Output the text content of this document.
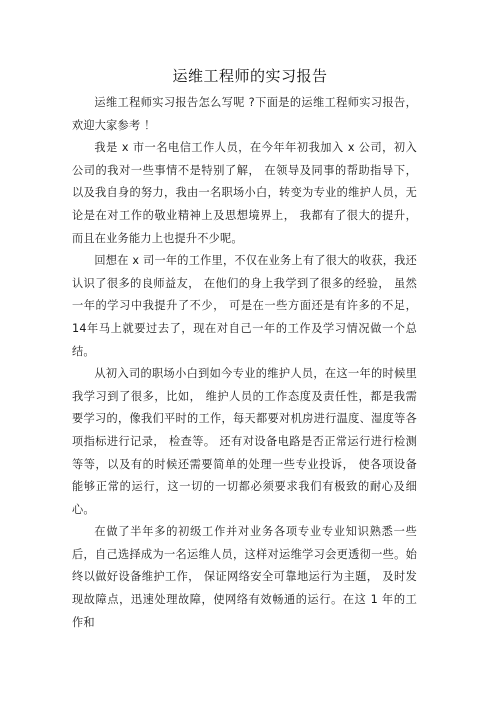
运维工程师的实习报告

运维工程师实习报告怎么写呢 ?下面是的运维工程师实习报告，欢迎大家参考 ！

我是 x 市一名电信工作人员，在今年年初我加入 x 公司，初入公司的我对一些事情不是特别了解， 在领导及同事的帮助指导下， 以及我自身的努力，我由一名职场小白，转变为专业的维护人员，无论是在对工作的敬业精神上及思想境界上， 我都有了很大的提升， 而且在业务能力上也提升不少呢。

回想在 x 司一年的工作里，不仅在业务上有了很大的收获，我还认识了很多的良师益友， 在他们的身上我学到了很多的经验， 虽然一年的学习中我提升了不少， 可是在一些方面还是有许多的不足， 14年马上就要过去了，现在对自己一年的工作及学习情况做一个总结。

从初入司的职场小白到如今专业的维护人员，在这一年的时候里我学习到了很多，比如， 维护人员的工作态度及责任性，都是我需要学习的，像我们平时的工作，每天都要对机房进行温度、湿度等各项指标进行记录， 检查等。 还有对设备电路是否正常运行进行检测等等，以及有的时候还需要简单的处理一些专业投诉， 使各项设备能够正常的运行，这一切的一切都必须要求我们有极致的耐心及细心。

在做了半年多的初级工作并对业务各项专业专业知识熟悉一些后，自己选择成为一名运维人员，这样对运维学习会更透彻一些。始终以做好设备维护工作， 保证网络安全可靠地运行为主题， 及时发现故障点，迅速处理故障，使网络有效畅通的运行。在这 1 年的工作和
